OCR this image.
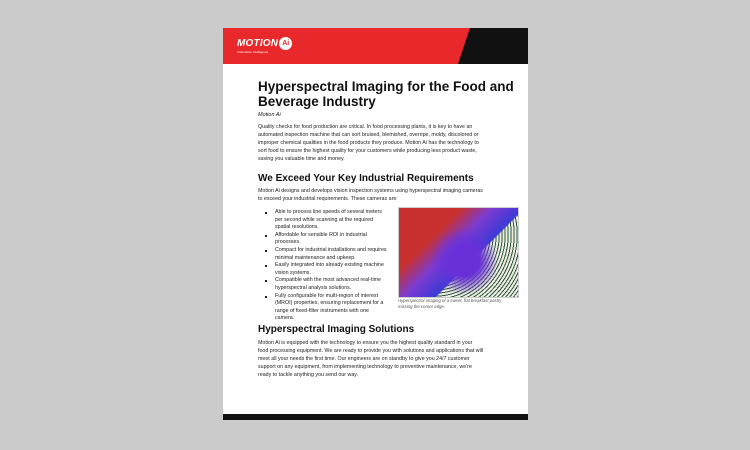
MOTION Ai
Automation Intelligence
Hyperspectral Imaging for the Food and
Beverage Industry
Motion Ai
Quality checks for food production are critical. In food processing plants, it is key to have an
automated inspection machine that can sort bruised, blemished, overripe, moldy, discolored or
improper chemical qualities in the food products they produce. Motion Ai has the technology to
sort food to ensure the highest quality for your customers while producing less product waste,
saving you valuable time and money.
We Exceed Your Key Industrial Requirements
Motion Ai designs and develops vision inspection systems using hyperspectral imaging cameras
to exceed your industrial requirements. These cameras are:
Able to process line speeds of several meters
per second while scanning at the required
spatial resolutions.
Affordable for sensible ROI in industrial
processes.
Compact for industrial installations and requires
minimal maintenance and upkeep.
Easily integrated into already existing machine
vision systems.
Compatible with the most advanced real-time
hyperspectral analysis solutions.
Fully configurable for multi-region of interest
(MROI) properties, ensuring replacement for a
range of fixed-filter instruments with one
camera.
Hyperspectral imaging of a sweet, flat breakfast pastry
missing the corner edge.
Hyperspectral Imaging Solutions
Motion Ai is equipped with the technology to ensure you the highest quality standard in your
food processing equipment. We are ready to provide you with solutions and applications that will
meet all your needs the first time. Our engineers are on standby to give you 24/7 customer
support on any equipment, from implementing technology to preventive maintenance, we're
ready to tackle anything you send our way.
